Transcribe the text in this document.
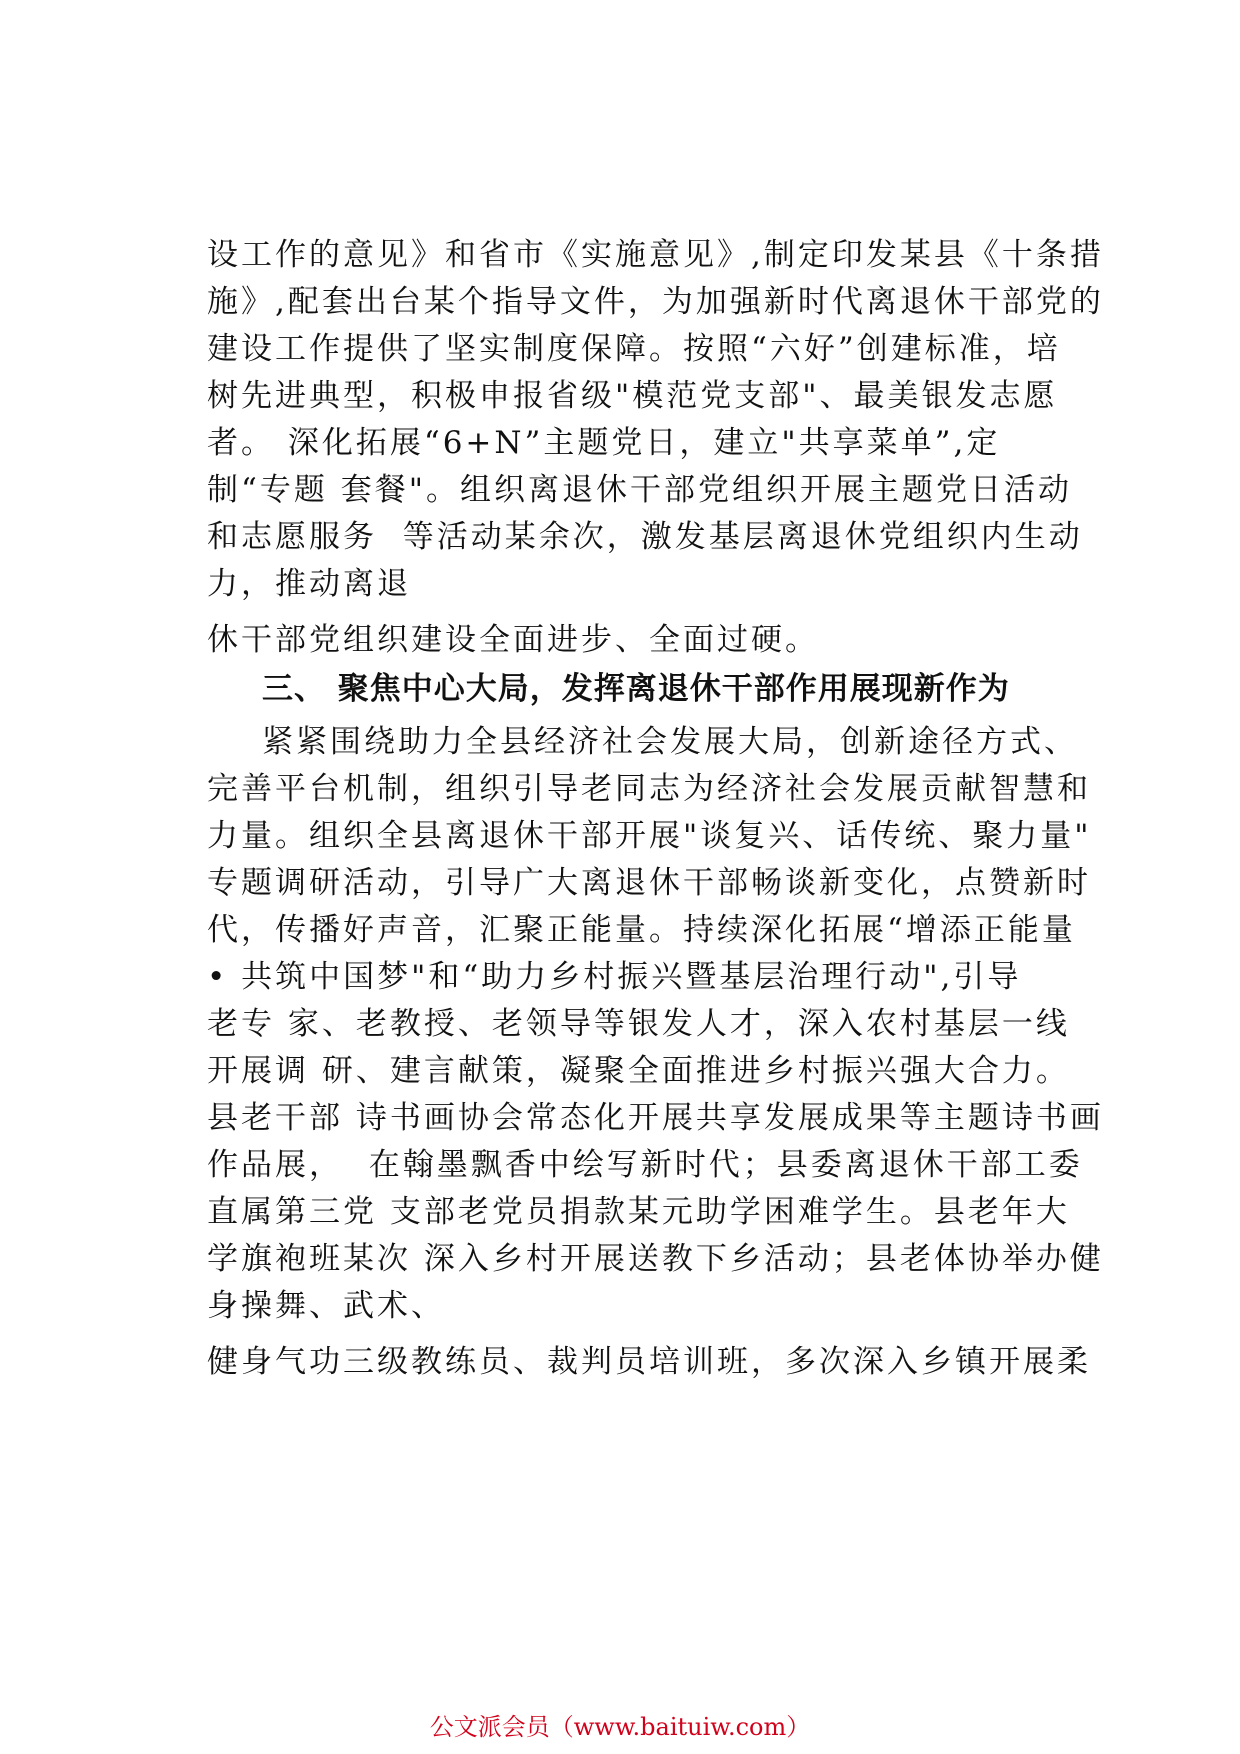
设工作的意见》和省市《实施意见》,制定印发某县《十条措
施》,配套出台某个指导文件，为加强新时代离退休干部党的
建设工作提供了坚实制度保障。按照“六好”创建标准，培
树先进典型，积极申报省级"模范党支部"、最美银发志愿
者。 深化拓展“6+N”主题党日，建立"共享菜单”,定
制“专题 套餐"。组织离退休干部党组织开展主题党日活动
和志愿服务  等活动某余次，激发基层离退休党组织内生动
力，推动离退
休干部党组织建设全面进步、全面过硬。
三、 聚焦中心大局，发挥离退休干部作用展现新作为
紧紧围绕助力全县经济社会发展大局，创新途径方式、
完善平台机制，组织引导老同志为经济社会发展贡献智慧和
力量。组织全县离退休干部开展"谈复兴、话传统、聚力量"
专题调研活动，引导广大离退休干部畅谈新变化，点赞新时
代，传播好声音，汇聚正能量。持续深化拓展“增添正能量
• 共筑中国梦"和“助力乡村振兴暨基层治理行动",引导
老专 家、老教授、老领导等银发人才，深入农村基层一线
开展调 研、建言献策，凝聚全面推进乡村振兴强大合力。
县老干部 诗书画协会常态化开展共享发展成果等主题诗书画
作品展，  在翰墨飘香中绘写新时代；县委离退休干部工委
直属第三党 支部老党员捐款某元助学困难学生。县老年大
学旗袍班某次 深入乡村开展送教下乡活动；县老体协举办健
身操舞、武术、
健身气功三级教练员、裁判员培训班，多次深入乡镇开展柔
公文派会员（www.baituiw.com）
